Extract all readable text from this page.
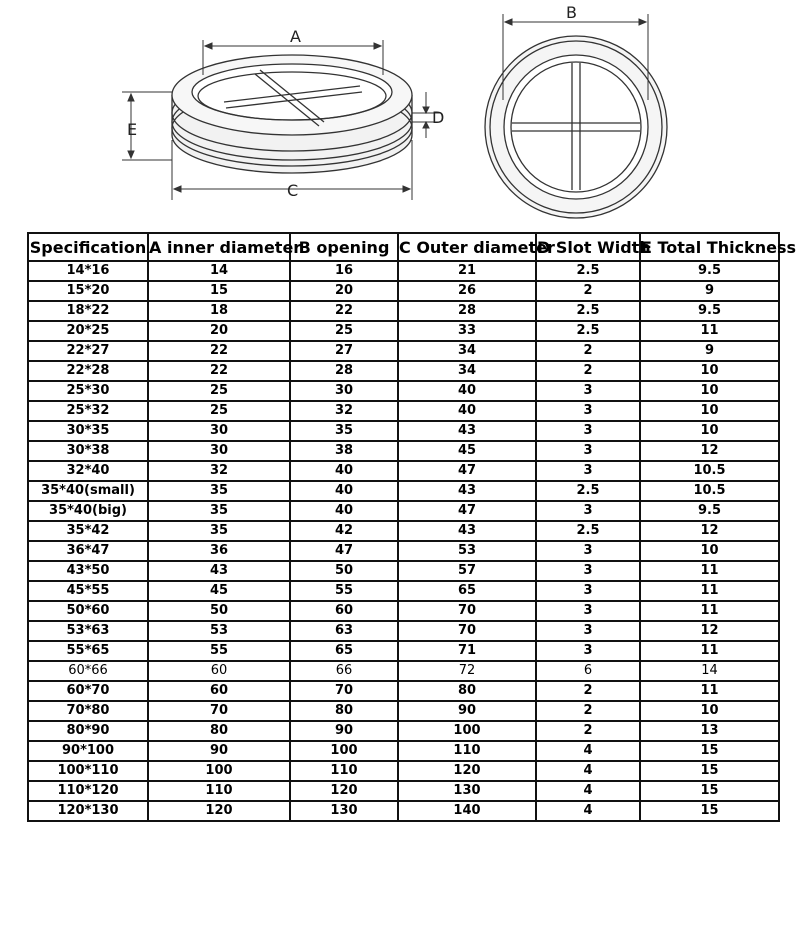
A
E
D
C
B
Specification	A inner diameter	B opening	C Outer diameter	D Slot Width	E Total Thickness
14*16	14	16	21	2.5	9.5
15*20	15	20	26	2	9
18*22	18	22	28	2.5	9.5
20*25	20	25	33	2.5	11
22*27	22	27	34	2	9
22*28	22	28	34	2	10
25*30	25	30	40	3	10
25*32	25	32	40	3	10
30*35	30	35	43	3	10
30*38	30	38	45	3	12
32*40	32	40	47	3	10.5
35*40(small)	35	40	43	2.5	10.5
35*40(big)	35	40	47	3	9.5
35*42	35	42	43	2.5	12
36*47	36	47	53	3	10
43*50	43	50	57	3	11
45*55	45	55	65	3	11
50*60	50	60	70	3	11
53*63	53	63	70	3	12
55*65	55	65	71	3	11
60*66	60	66	72	6	14
60*70	60	70	80	2	11
70*80	70	80	90	2	10
80*90	80	90	100	2	13
90*100	90	100	110	4	15
100*110	100	110	120	4	15
110*120	110	120	130	4	15
120*130	120	130	140	4	15
